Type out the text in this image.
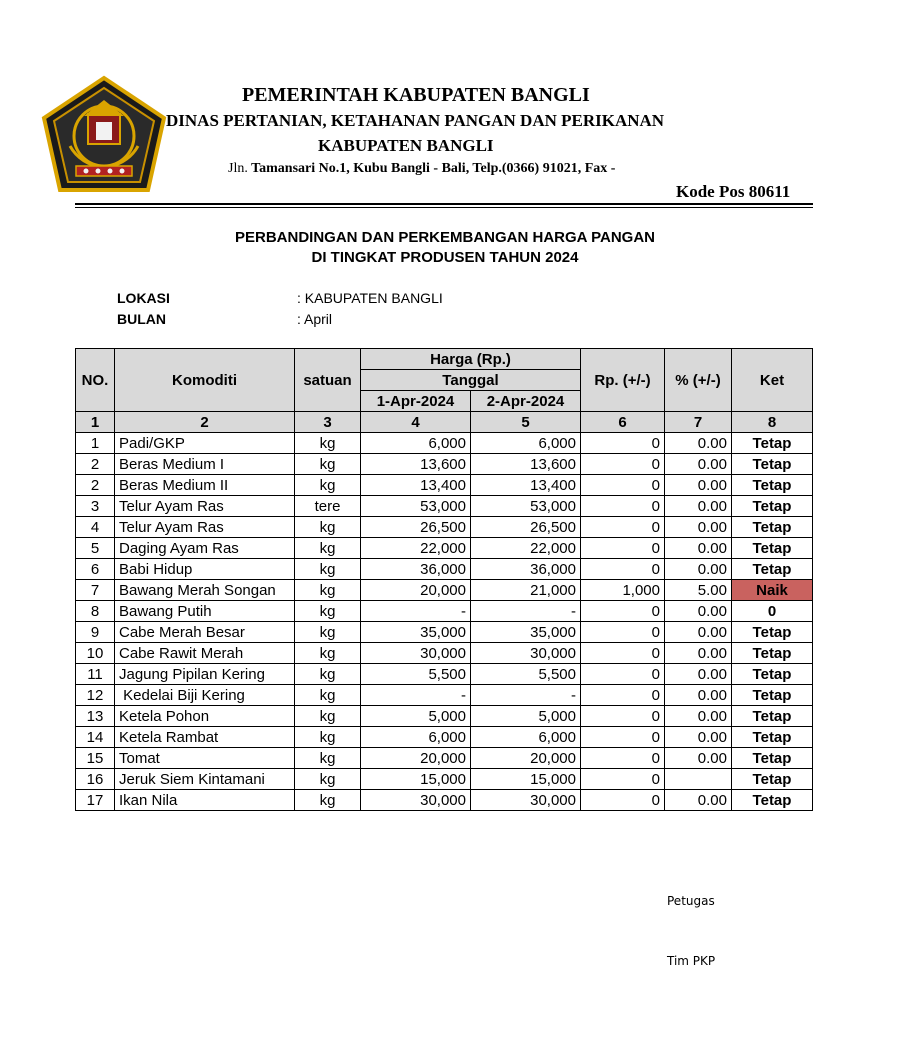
PEMERINTAH KABUPATEN BANGLI
DINAS PERTANIAN, KETAHANAN PANGAN DAN PERIKANAN
KABUPATEN BANGLI
Jln. Tamansari No.1, Kubu Bangli - Bali, Telp.(0366) 91021, Fax -
Kode Pos 80611
PERBANDINGAN DAN PERKEMBANGAN HARGA PANGAN
DI TINGKAT PRODUSEN TAHUN 2024
LOKASI	: KABUPATEN BANGLI
BULAN	: April
NO.	Komoditi	satuan	Harga (Rp.)		Rp. (+/-)	% (+/-)	Ket
			Tanggal				
			1-Apr-2024	2-Apr-2024			
1	2	3	4	5	6	7	8
1	Padi/GKP	kg	6,000	6,000	0	0.00	Tetap
2	Beras Medium I	kg	13,600	13,600	0	0.00	Tetap
2	Beras Medium II	kg	13,400	13,400	0	0.00	Tetap
3	Telur Ayam Ras	tere	53,000	53,000	0	0.00	Tetap
4	Telur Ayam Ras	kg	26,500	26,500	0	0.00	Tetap
5	Daging Ayam Ras	kg	22,000	22,000	0	0.00	Tetap
6	Babi Hidup	kg	36,000	36,000	0	0.00	Tetap
7	Bawang Merah Songan	kg	20,000	21,000	1,000	5.00	Naik
8	Bawang Putih	kg	-	-	0	0.00	0
9	Cabe Merah Besar	kg	35,000	35,000	0	0.00	Tetap
10	Cabe Rawit Merah	kg	30,000	30,000	0	0.00	Tetap
11	Jagung Pipilan Kering	kg	5,500	5,500	0	0.00	Tetap
12	Kedelai Biji Kering	kg	-	-	0	0.00	Tetap
13	Ketela Pohon	kg	5,000	5,000	0	0.00	Tetap
14	Ketela Rambat	kg	6,000	6,000	0	0.00	Tetap
15	Tomat	kg	20,000	20,000	0	0.00	Tetap
16	Jeruk Siem Kintamani	kg	15,000	15,000	0		Tetap
17	Ikan Nila	kg	30,000	30,000	0	0.00	Tetap
Petugas
Tim PKP
